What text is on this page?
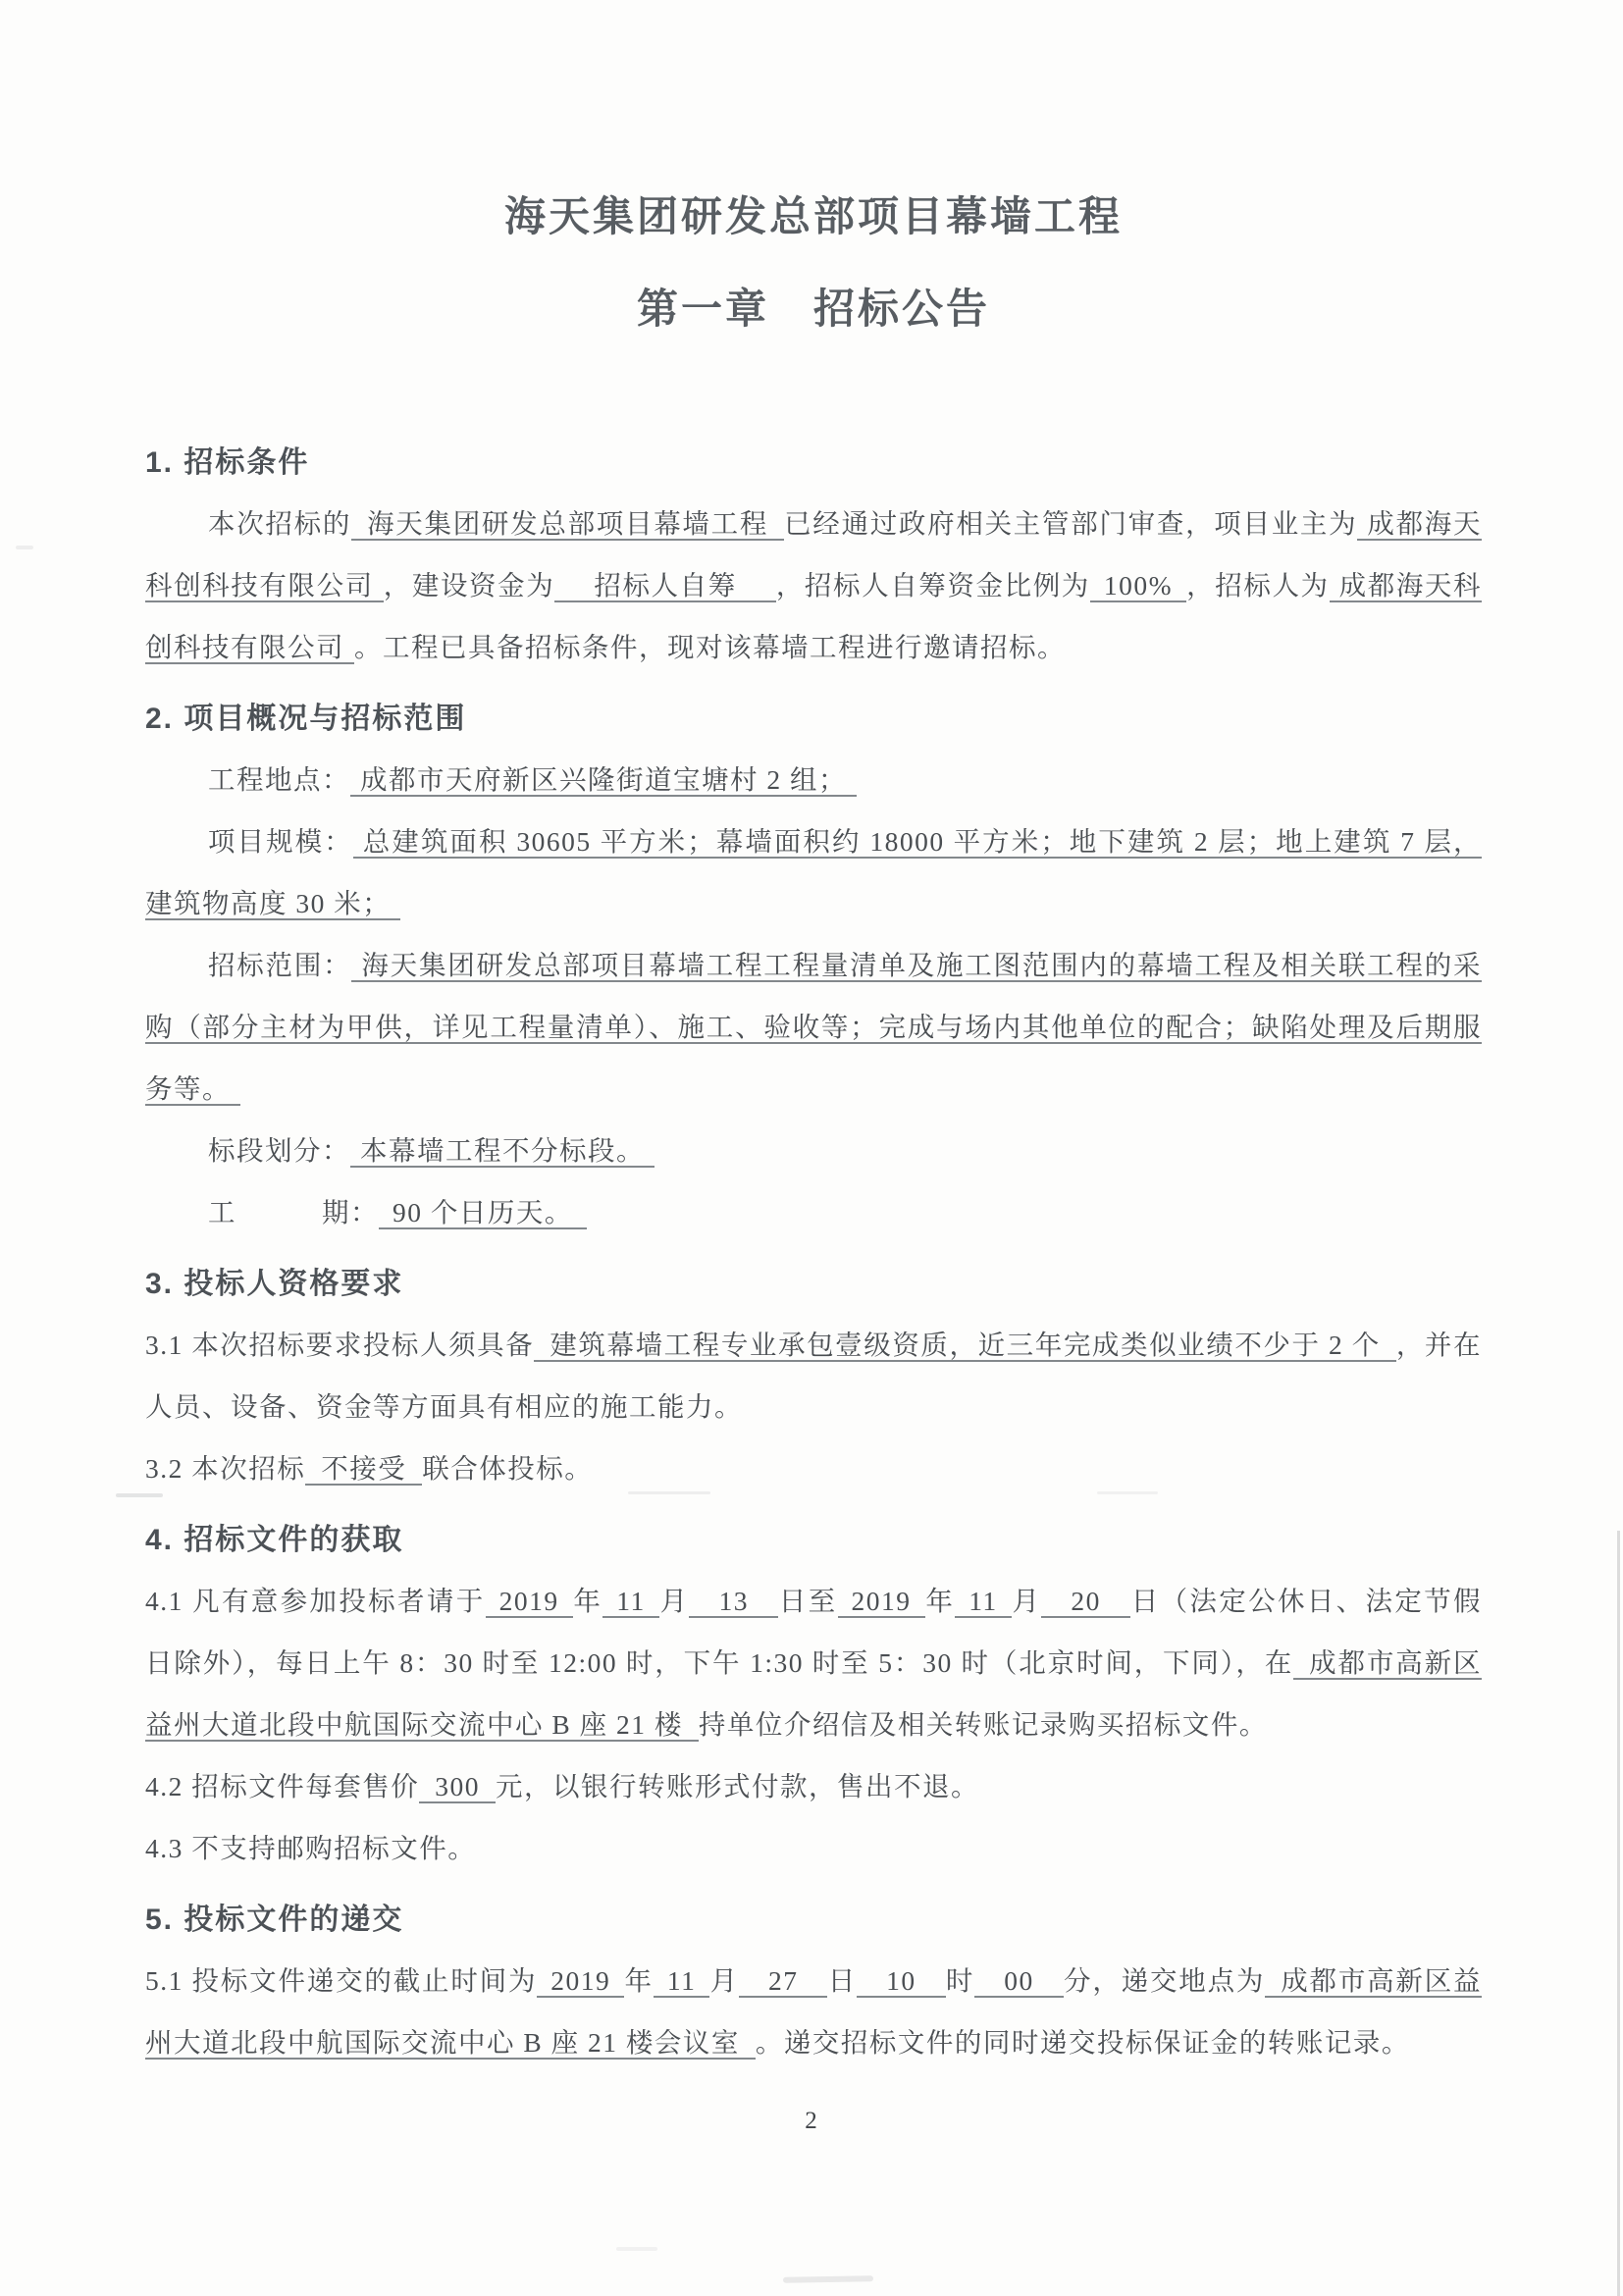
海天集团研发总部项目幕墙工程
第一章　招标公告
1. 招标条件

本次招标的 海天集团研发总部项目幕墙工程 已经通过政府相关主管部门审查，项目业主为 成都海天科创科技有限公司 ，建设资金为 招标人自筹 ，招标人自筹资金比例为 100% ，招标人为 成都海天科创科技有限公司 。工程已具备招标条件，现对该幕墙工程进行邀请招标。

2. 项目概况与招标范围

工程地点： 成都市天府新区兴隆街道宝塘村 2 组；

项目规模： 总建筑面积 30605 平方米；幕墙面积约 18000 平方米；地下建筑 2 层；地上建筑 7 层，建筑物高度 30 米；

招标范围： 海天集团研发总部项目幕墙工程工程量清单及施工图范围内的幕墙工程及相关联工程的采购（部分主材为甲供，详见工程量清单）、施工、验收等；完成与场内其他单位的配合；缺陷处理及后期服务等。

标段划分： 本幕墙工程不分标段。

工　　　期： 90 个日历天。

3. 投标人资格要求

3.1 本次招标要求投标人须具备 建筑幕墙工程专业承包壹级资质，近三年完成类似业绩不少于 2 个 ，并在人员、设备、资金等方面具有相应的施工能力。

3.2 本次招标 不接受 联合体投标。

4. 招标文件的获取

4.1 凡有意参加投标者请于 2019 年 11 月 13 日至 2019 年 11 月 20 日（法定公休日、法定节假日除外），每日上午 8：30 时至 12:00 时，下午 1:30 时至 5：30 时（北京时间，下同），在 成都市高新区益州大道北段中航国际交流中心 B 座 21 楼 持单位介绍信及相关转账记录购买招标文件。

4.2 招标文件每套售价 300 元，以银行转账形式付款，售出不退。

4.3 不支持邮购招标文件。

5. 投标文件的递交

5.1 投标文件递交的截止时间为 2019 年 11 月 27 日 10 时 00 分，递交地点为 成都市高新区益州大道北段中航国际交流中心 B 座 21 楼会议室 。递交招标文件的同时递交投标保证金的转账记录。

2
